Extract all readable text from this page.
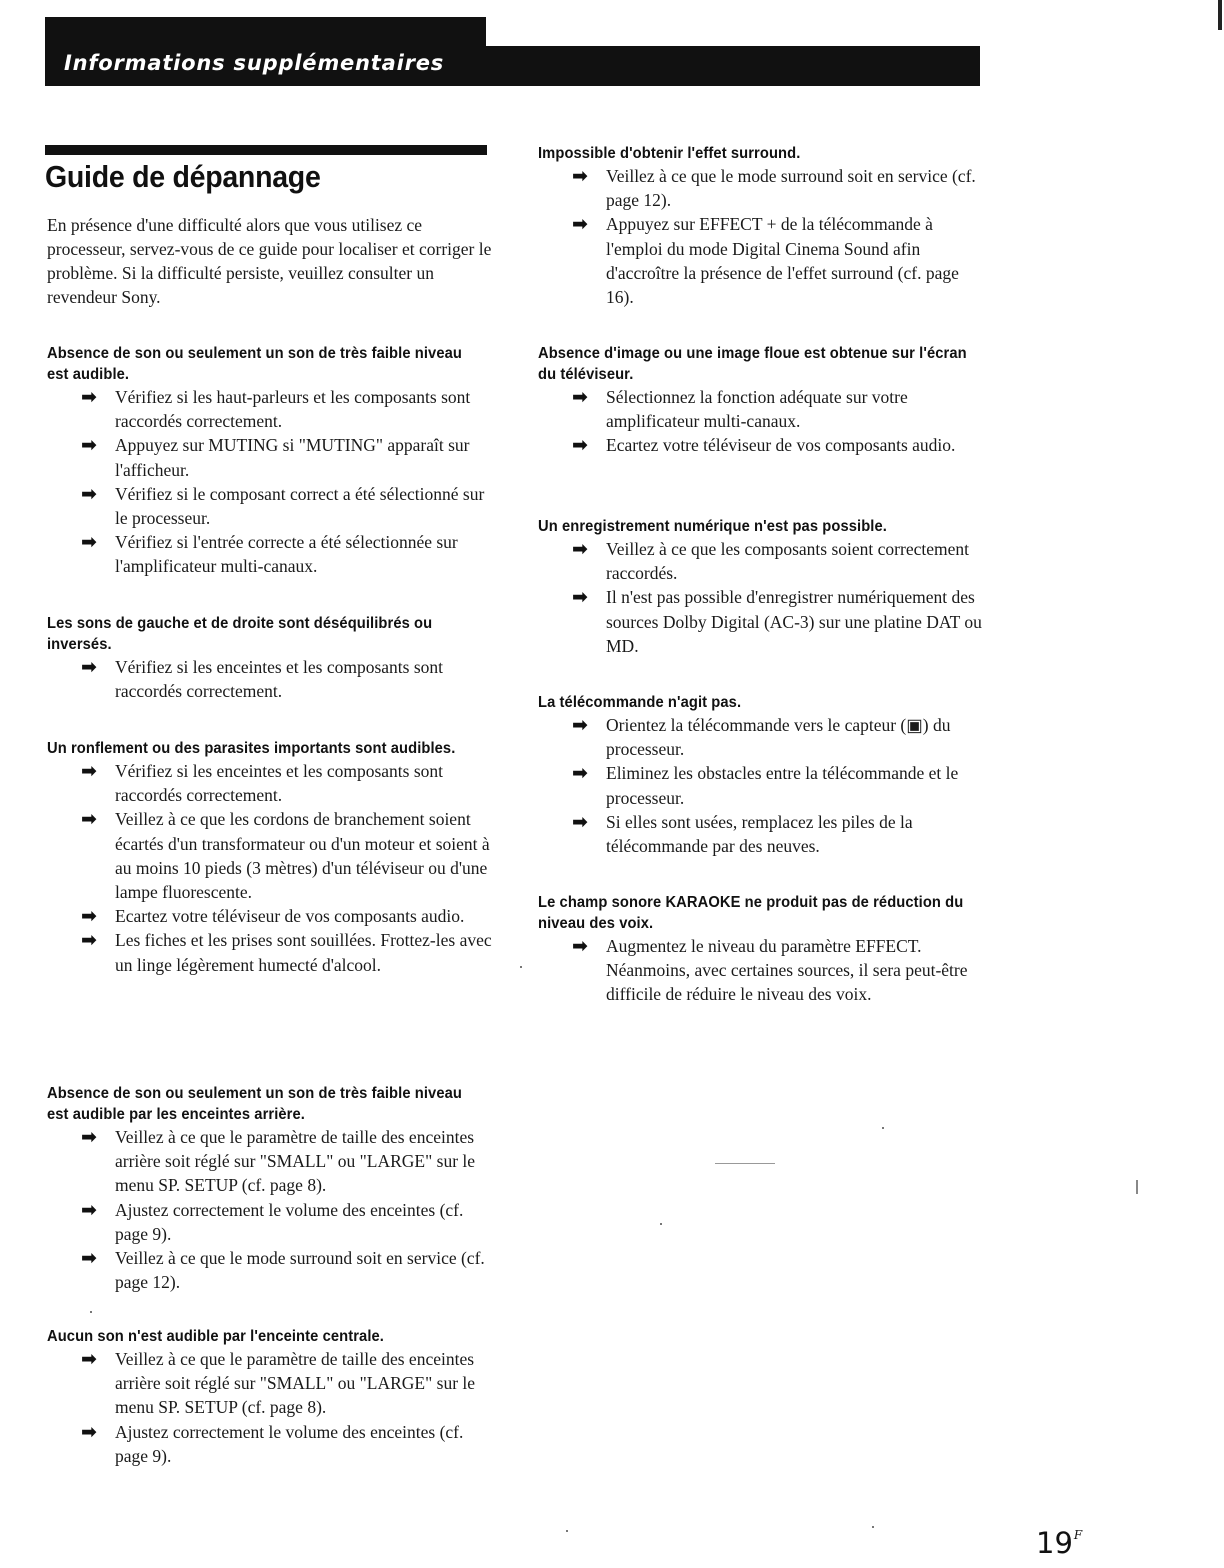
Informations supplémentaires
Guide de dépannage

En présence d'une difficulté alors que vous utilisez ce processeur, servez-vous de ce guide pour localiser et corriger le problème. Si la difficulté persiste, veuillez consulter un revendeur Sony.

Absence de son ou seulement un son de très faible niveau est audible.
➡ Vérifiez si les haut-parleurs et les composants sont raccordés correctement.
➡ Appuyez sur MUTING si "MUTING" apparaît sur l'afficheur.
➡ Vérifiez si le composant correct a été sélectionné sur le processeur.
➡ Vérifiez si l'entrée correcte a été sélectionnée sur l'amplificateur multi-canaux.
Les sons de gauche et de droite sont déséquilibrés ou inversés.
➡ Vérifiez si les enceintes et les composants sont raccordés correctement.
Un ronflement ou des parasites importants sont audibles.
➡ Vérifiez si les enceintes et les composants sont raccordés correctement.
➡ Veillez à ce que les cordons de branchement soient écartés d'un transformateur ou d'un moteur et soient à au moins 10 pieds (3 mètres) d'un téléviseur ou d'une lampe fluorescente.
➡ Ecartez votre téléviseur de vos composants audio.
➡ Les fiches et les prises sont souillées. Frottez-les avec un linge légèrement humecté d'alcool.
Absence de son ou seulement un son de très faible niveau est audible par les enceintes arrière.
➡ Veillez à ce que le paramètre de taille des enceintes arrière soit réglé sur "SMALL" ou "LARGE" sur le menu SP. SETUP (cf. page 8).
➡ Ajustez correctement le volume des enceintes (cf. page 9).
➡ Veillez à ce que le mode surround soit en service (cf. page 12).
Aucun son n'est audible par l'enceinte centrale.
➡ Veillez à ce que le paramètre de taille des enceintes arrière soit réglé sur "SMALL" ou "LARGE" sur le menu SP. SETUP (cf. page 8).
➡ Ajustez correctement le volume des enceintes (cf. page 9).
Impossible d'obtenir l'effet surround.
➡ Veillez à ce que le mode surround soit en service (cf. page 12).
➡ Appuyez sur EFFECT + de la télécommande à l'emploi du mode Digital Cinema Sound afin d'accroître la présence de l'effet surround (cf. page 16).
Absence d'image ou une image floue est obtenue sur l'écran du téléviseur.
➡ Sélectionnez la fonction adéquate sur votre amplificateur multi-canaux.
➡ Ecartez votre téléviseur de vos composants audio.
Un enregistrement numérique n'est pas possible.
➡ Veillez à ce que les composants soient correctement raccordés.
➡ Il n'est pas possible d'enregistrer numériquement des sources Dolby Digital (AC-3) sur une platine DAT ou MD.
La télécommande n'agit pas.
➡ Orientez la télécommande vers le capteur (▣) du processeur.
➡ Eliminez les obstacles entre la télécommande et le processeur.
➡ Si elles sont usées, remplacez les piles de la télécommande par des neuves.
Le champ sonore KARAOKE ne produit pas de réduction du niveau des voix.
➡ Augmentez le niveau du paramètre EFFECT. Néanmoins, avec certaines sources, il sera peut-être difficile de réduire le niveau des voix.
$19^F$
